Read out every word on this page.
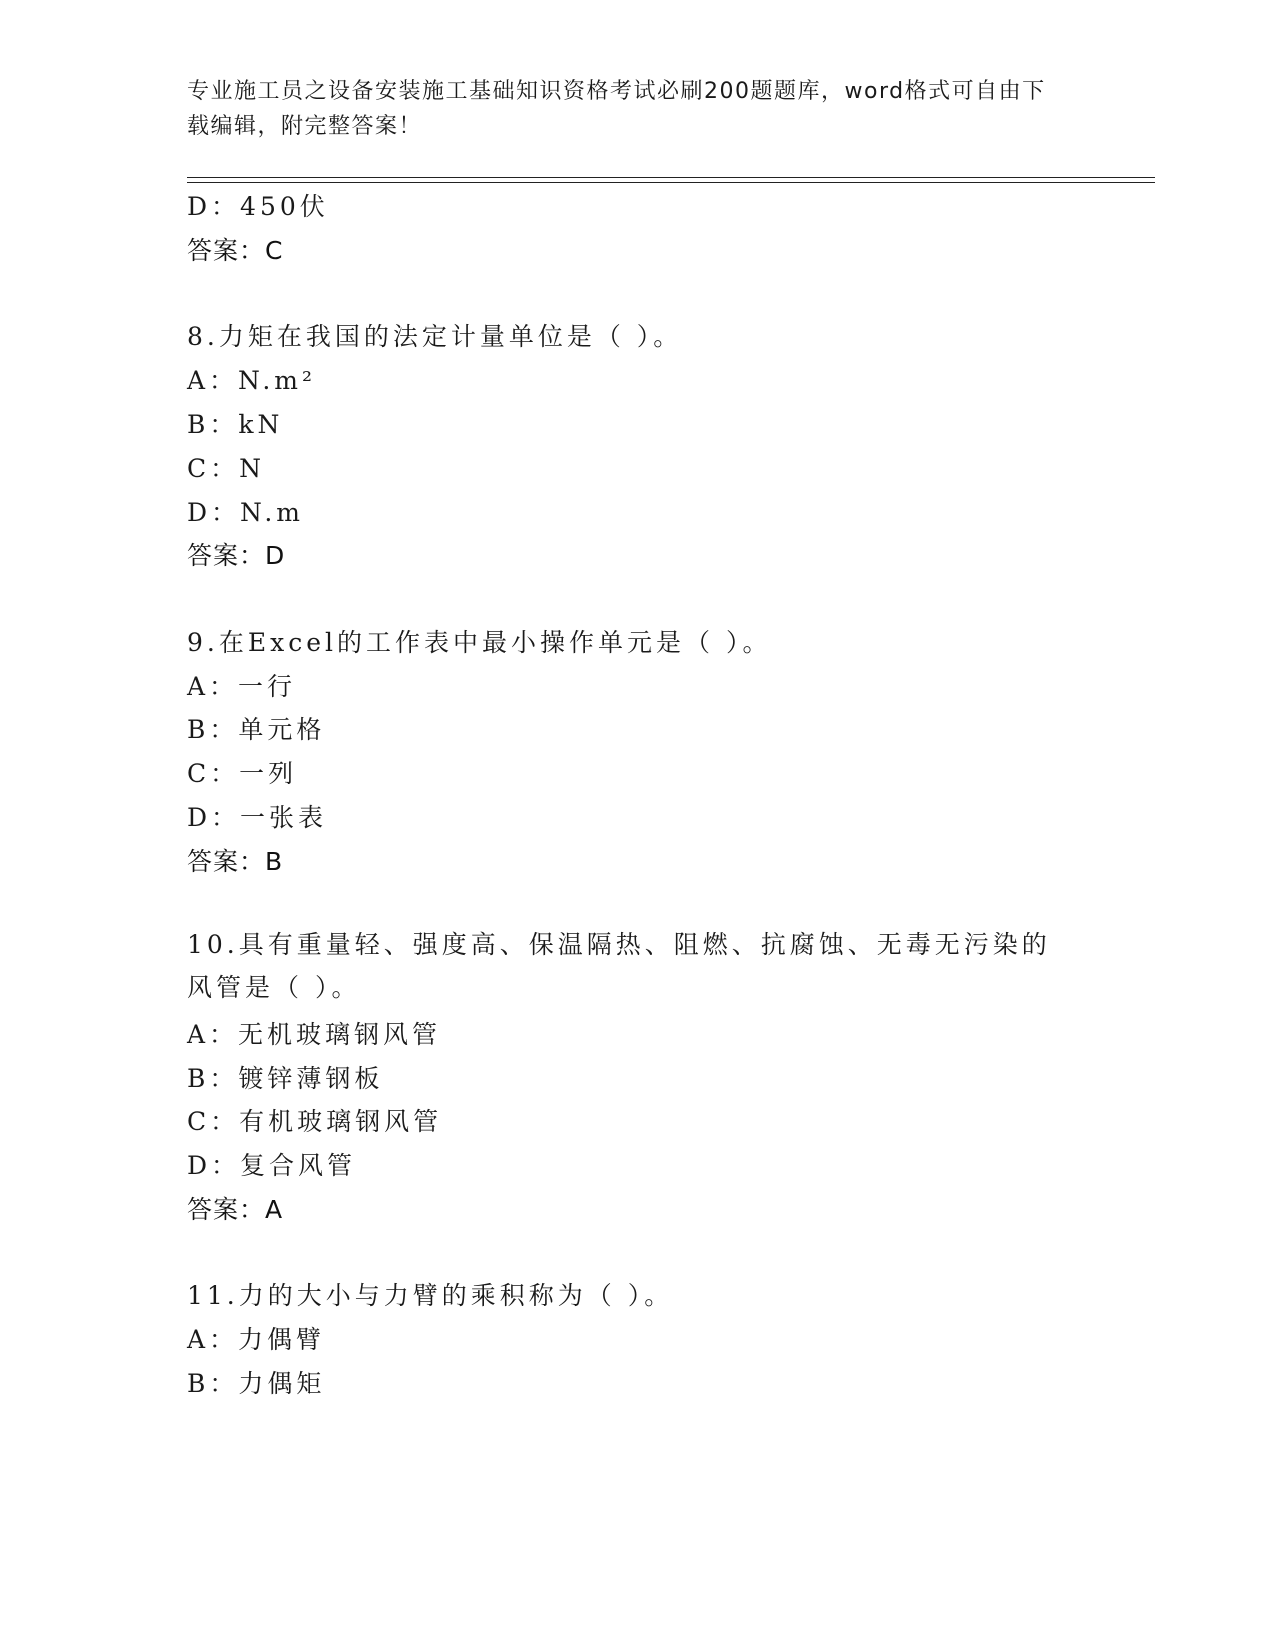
专业施工员之设备安装施工基础知识资格考试必刷200题题库，word格式可自由下载编辑，附完整答案！
D：450伏
答案：C
8.力矩在我国的法定计量单位是（ ）。
A：N.m²
B：kN
C：N
D：N.m
答案：D
9.在Excel的工作表中最小操作单元是（ ）。
A：一行
B：单元格
C：一列
D：一张表
答案：B
10.具有重量轻、强度高、保温隔热、阻燃、抗腐蚀、无毒无污染的风管是（ ）。
A：无机玻璃钢风管
B：镀锌薄钢板
C：有机玻璃钢风管
D：复合风管
答案：A
11.力的大小与力臂的乘积称为（ ）。
A：力偶臂
B：力偶矩
